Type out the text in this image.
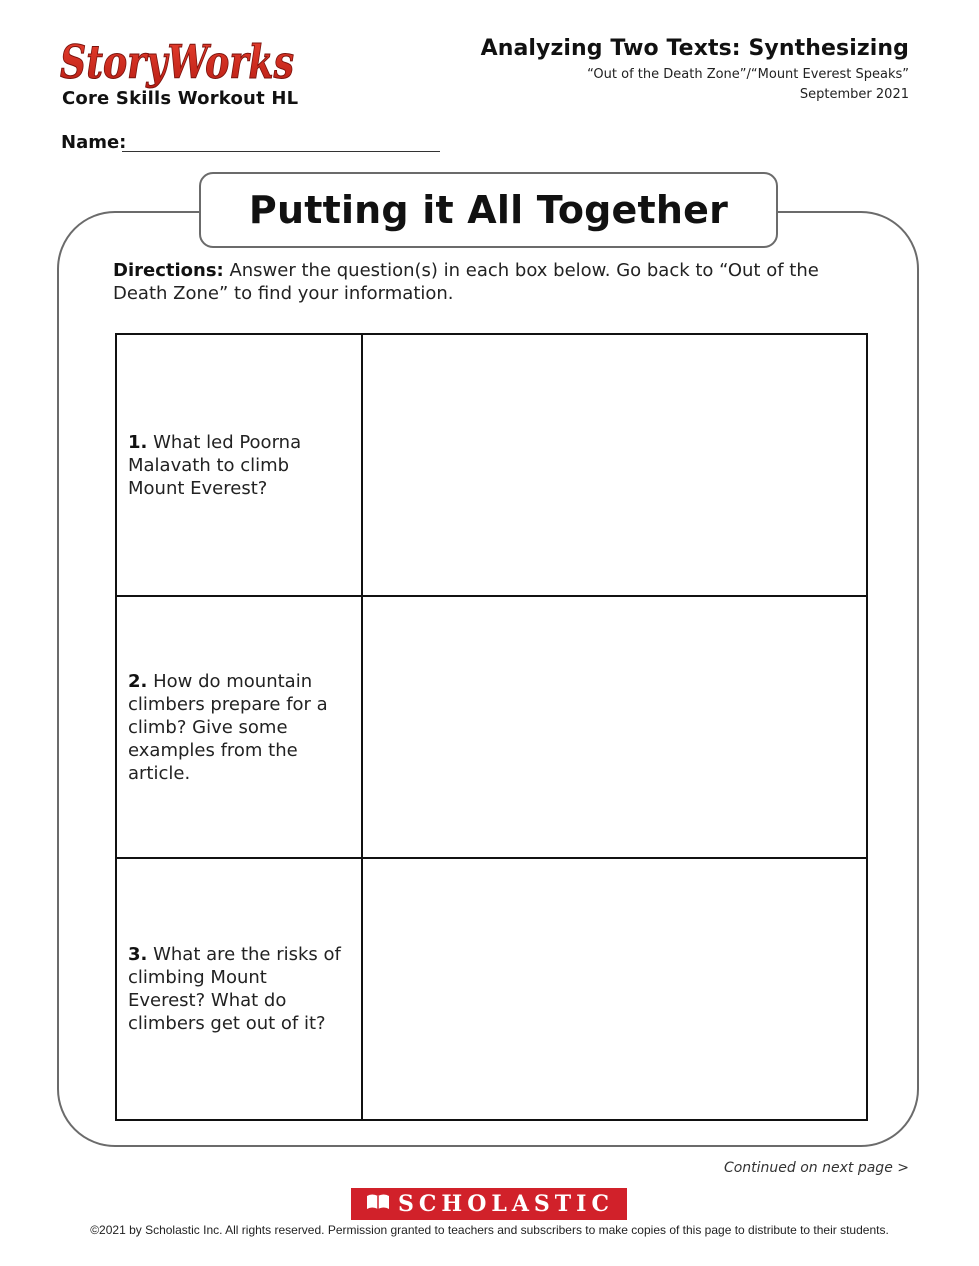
StoryWorks
Core Skills Workout HL
Analyzing Two Texts: Synthesizing
“Out of the Death Zone”/“Mount Everest Speaks”
September 2021
Name:
Putting it All Together
Directions: Answer the question(s) in each box below. Go back to “Out of the Death Zone” to find your information.
1. What led Poorna Malavath to climb Mount Everest?	

2. How do mountain climbers prepare for a climb? Give some examples from the article.	

3. What are the risks of climbing Mount Everest? What do climbers get out of it?	

Continued on next page >
SCHOLASTIC
©2021 by Scholastic Inc. All rights reserved. Permission granted to teachers and subscribers to make copies of this page to distribute to their students.
